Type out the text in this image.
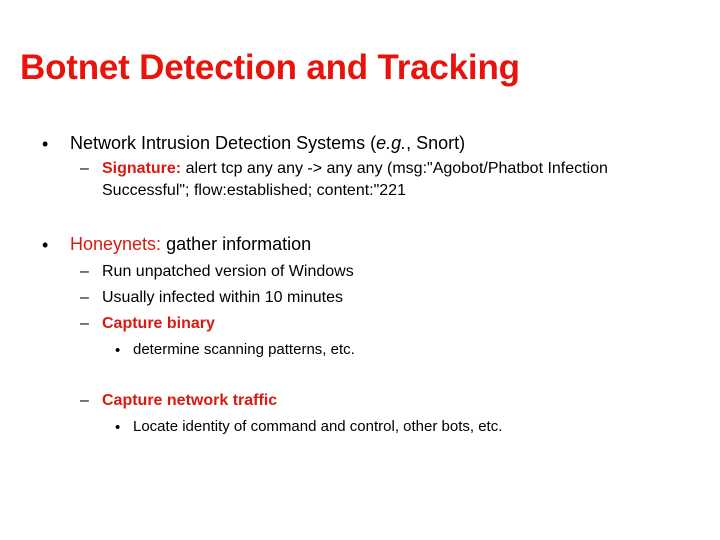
Botnet Detection and Tracking
• Network Intrusion Detection Systems (e.g., Snort)
– Signature: alert tcp any any -> any any (msg:"Agobot/Phatbot Infection
Successful"; flow:established; content:"221
• Honeynets: gather information
– Run unpatched version of Windows
– Usually infected within 10 minutes
– Capture binary
• determine scanning patterns, etc.
– Capture network traffic
• Locate identity of command and control, other bots, etc.
